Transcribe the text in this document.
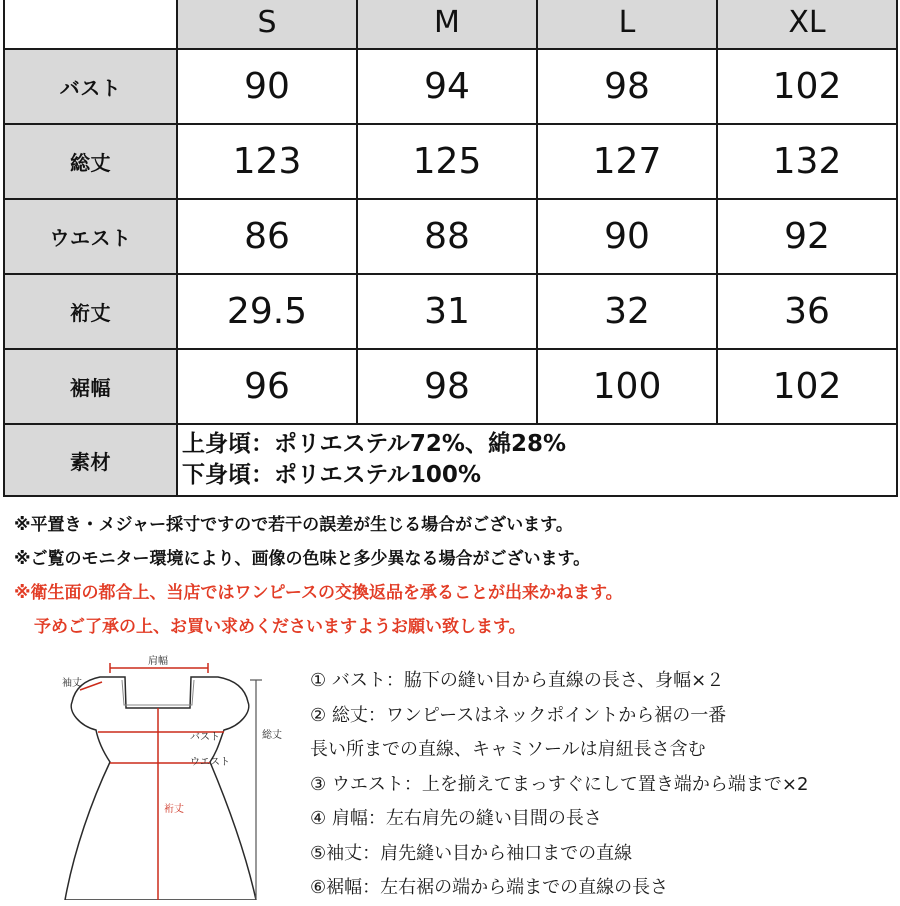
	S	M	L	XL
バスト	90	94	98	102
総丈	123	125	127	132
ウエスト	86	88	90	92
裄丈	29.5	31	32	36
裾幅	96	98	100	102
素材	上身頃：ポリエステル72%、綿28%
下身頃：ポリエステル100%			
※平置き・メジャー採寸ですので若干の誤差が生じる場合がございます。
※ご覧のモニター環境により、画像の色味と多少異なる場合がございます。
※衛生面の都合上、当店ではワンピースの交換返品を承ることが出来かねます。
予めご了承の上、お買い求めくださいますようお願い致します。
肩幅
袖丈
バスト
ウエスト
総丈
裄丈
① バスト：脇下の縫い目から直線の長さ、身幅×２
② 総丈：ワンピースはネックポイントから裾の一番
長い所までの直線、キャミソールは肩紐長さ含む
③ ウエスト：上を揃えてまっすぐにして置き端から端まで×2
④ 肩幅：左右肩先の縫い目間の長さ
⑤袖丈：肩先縫い目から袖口までの直線
⑥裾幅：左右裾の端から端までの直線の長さ
